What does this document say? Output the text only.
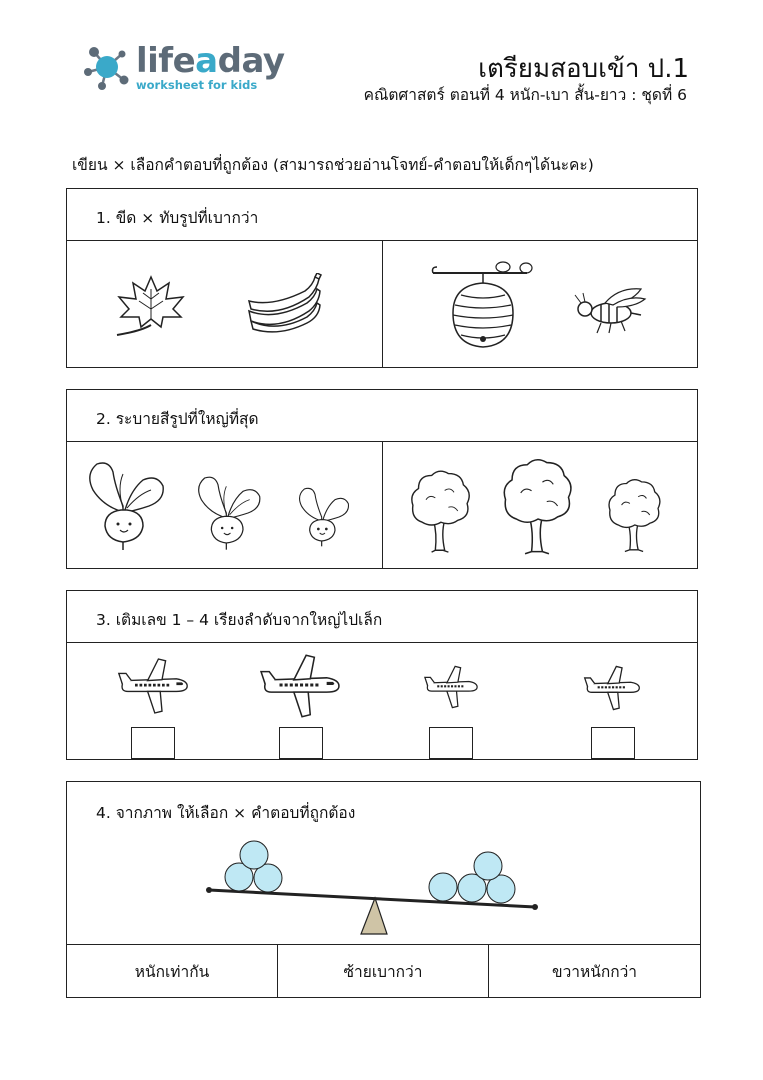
lifeaday
worksheet for kids
เตรียมสอบเข้า ป.1
คณิตศาสตร์ ตอนที่ 4 หนัก-เบา สั้น-ยาว : ชุดที่ 6
เขียน × เลือกคำตอบที่ถูกต้อง (สามารถช่วยอ่านโจทย์-คำตอบให้เด็กๆได้นะคะ)
1. ขีด × ทับรูปที่เบากว่า
2. ระบายสีรูปที่ใหญ่ที่สุด
3. เติมเลข 1 – 4 เรียงลำดับจากใหญ่ไปเล็ก
4. จากภาพ ให้เลือก × คำตอบที่ถูกต้อง
หนักเท่ากัน	ซ้ายเบากว่า	ขวาหนักกว่า
